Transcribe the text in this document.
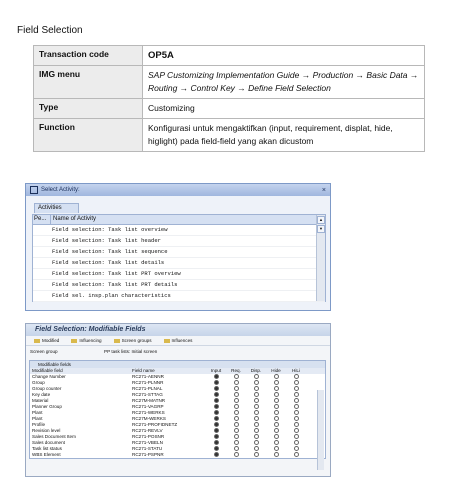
Field Selection
Transaction code	OP5A
IMG menu	SAP Customizing Implementation Guide → Production → Basic Data → Routing → Control Key → Define Field Selection
Type	Customizing
Function	Konfigurasi untuk mengaktifkan (input, requirement, displat, hide, higlight) pada field-field yang akan dicustom
Select Activity:	×
Activities
Pe...	Name of Activity
Field selection: Task list overview
Field selection: Task list header
Field selection: Task list sequence
Field selection: Task list details
Field selection: Task list PRT overview
Field selection: Task list PRT details
Field sel. insp.plan characteristics
▲
▼
Field Selection: Modifiable Fields
Modified	Influencing	Screen groups	Influences
Screen group	PP task lists: Initial screen
Modifiable fields
Modifiable field	Field name	Input	Req.	Disp.	Hide	HiLi
Change Number	RC271-AENNR
Group	RC271-PLNNR
Group counter	RC271-PLNAL
Key date	RC271-STTAG
Material	RC27M-MATNR
Planner Group	RC271-VAGRP
Plant	RC271-WERKS
Plant	RC27M-WERKS
Profile	RC271-PROFIDNETZ
Revision level	RC271-REVLV
Sales Document Item	RC271-POSNR
Sales document	RC271-VBELN
Task list status	RC271-STATU
WBS Element	RC271-PSPNR
